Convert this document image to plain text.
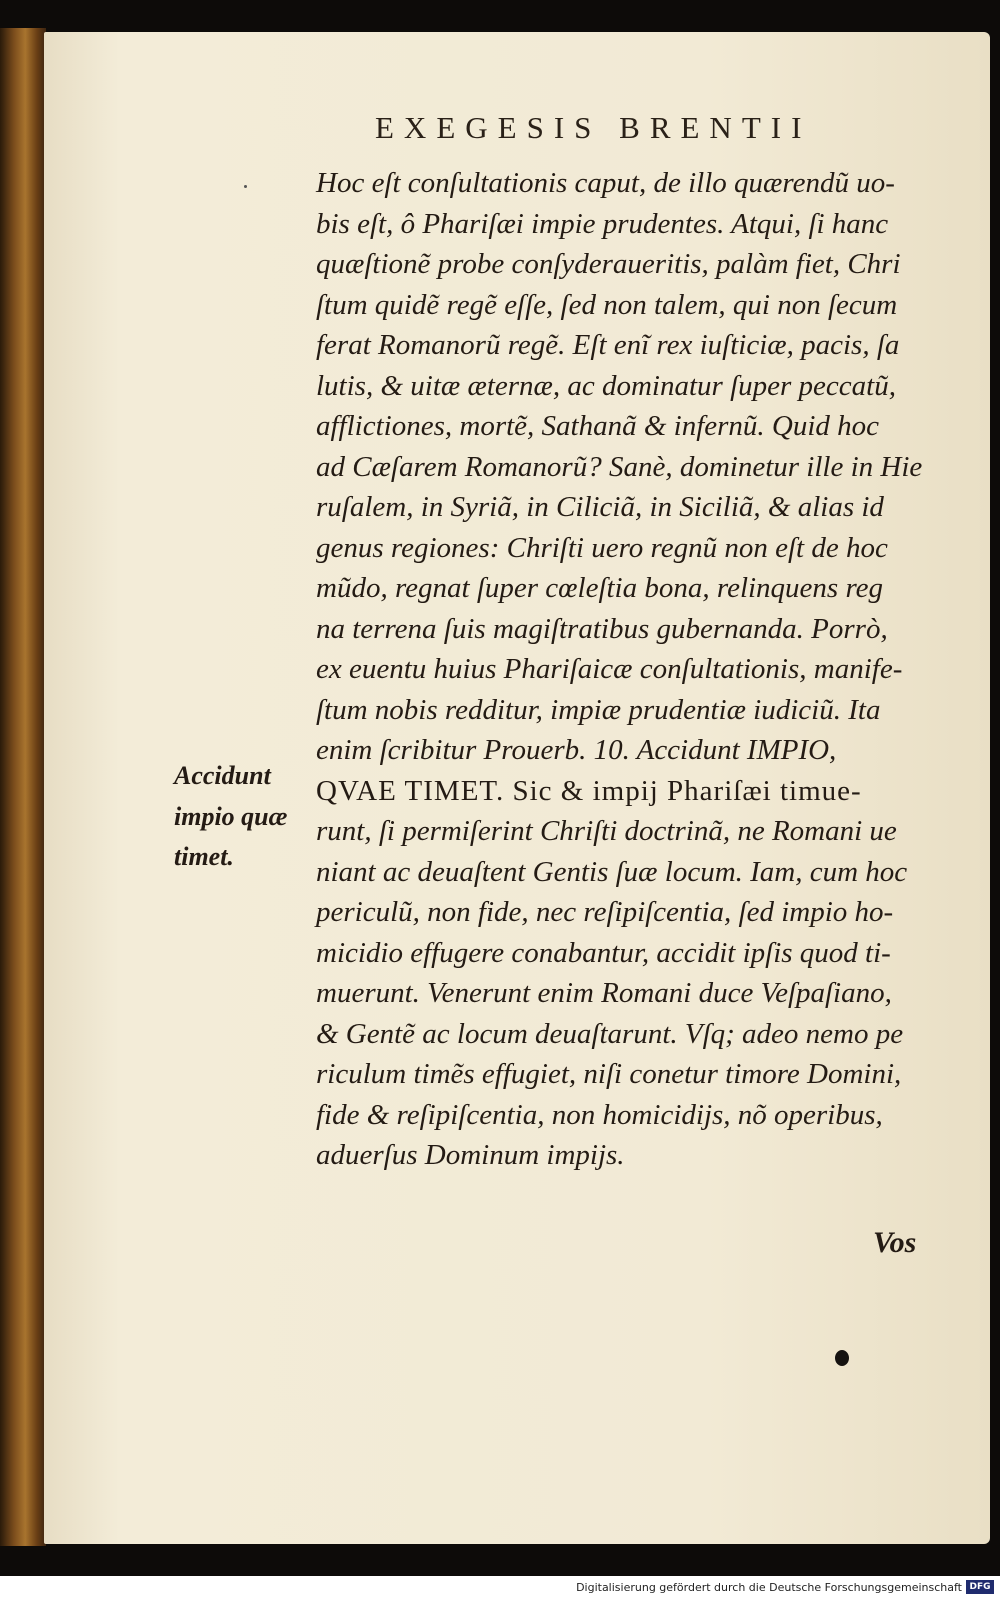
EXEGESIS BRENTII
Hoc eſt conſultationis caput, de illo quærendũ uo-
bis eſt, ô Phariſæi impie prudentes. Atqui, ſi hanc
quæſtionẽ probe conſyderaueritis, palàm fiet, Chri
ſtum quidẽ regẽ eſſe, ſed non talem, qui non ſecum
ferat Romanorũ regẽ. Eſt enĩ rex iuſticiæ, pacis, ſa
lutis, & uitæ æternæ, ac dominatur ſuper peccatũ,
afflictiones, mortẽ, Sathanã & infernũ. Quid hoc
ad Cæſarem Romanorũ? Sanè, dominetur ille in Hie
ruſalem, in Syriã, in Ciliciã, in Siciliã, & alias id
genus regiones: Chriſti uero regnũ non eſt de hoc
mũdo, regnat ſuper cœleſtia bona, relinquens reg
na terrena ſuis magiſtratibus gubernanda. Porrò,
ex euentu huius Phariſaicæ conſultationis, manife-
ſtum nobis redditur, impiæ prudentiæ iudiciũ. Ita
enim ſcribitur Prouerb. 10. Accidunt IMPIO,
QVAE TIMET. Sic & impij Phariſæi timue-
runt, ſi permiſerint Chriſti doctrinã, ne Romani ue
niant ac deuaſtent Gentis ſuæ locum. Iam, cum hoc
periculũ, non fide, nec reſipiſcentia, ſed impio ho-
micidio effugere conabantur, accidit ipſis quod ti-
muerunt. Venerunt enim Romani duce Veſpaſiano,
& Gentẽ ac locum deuaſtarunt. Vſq; adeo nemo pe
riculum timẽs effugiet, niſi conetur timore Domini,
fide & reſipiſcentia, non homicidijs, nõ operibus,
aduerſus Dominum impijs.
Accidunt
impio quæ
timet.
Vos
Digitalisierung gefördert durch die Deutsche Forschungsgemeinschaft DFG
